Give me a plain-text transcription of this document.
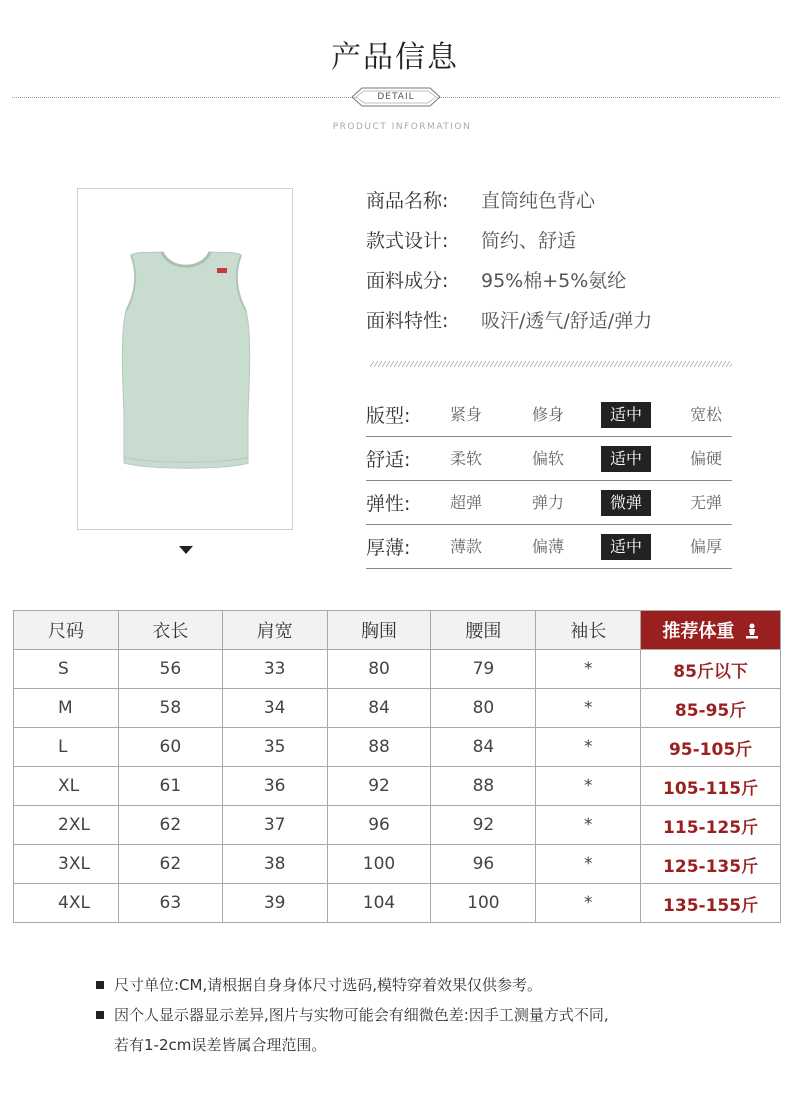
产品信息
DETAIL
PRODUCT INFORMATION
商品名称: 直筒纯色背心
款式设计: 简约、舒适
面料成分: 95%棉+5%氨纶
面料特性: 吸汗/透气/舒适/弹力
版型:	紧身	修身	适中	宽松
舒适:	柔软	偏软	适中	偏硬
弹性:	超弹	弹力	微弹	无弹
厚薄:	薄款	偏薄	适中	偏厚
尺码	衣长	肩宽	胸围	腰围	袖长	推荐体重
S	56	33	80	79	*	85斤以下
M	58	34	84	80	*	85-95斤
L	60	35	88	84	*	95-105斤
XL	61	36	92	88	*	105-115斤
2XL	62	37	96	92	*	115-125斤
3XL	62	38	100	96	*	125-135斤
4XL	63	39	104	100	*	135-155斤
尺寸单位:CM,请根据自身身体尺寸选码,模特穿着效果仅供参考。
因个人显示器显示差异,图片与实物可能会有细微色差:因手工测量方式不同,
若有1-2cm误差皆属合理范围。
